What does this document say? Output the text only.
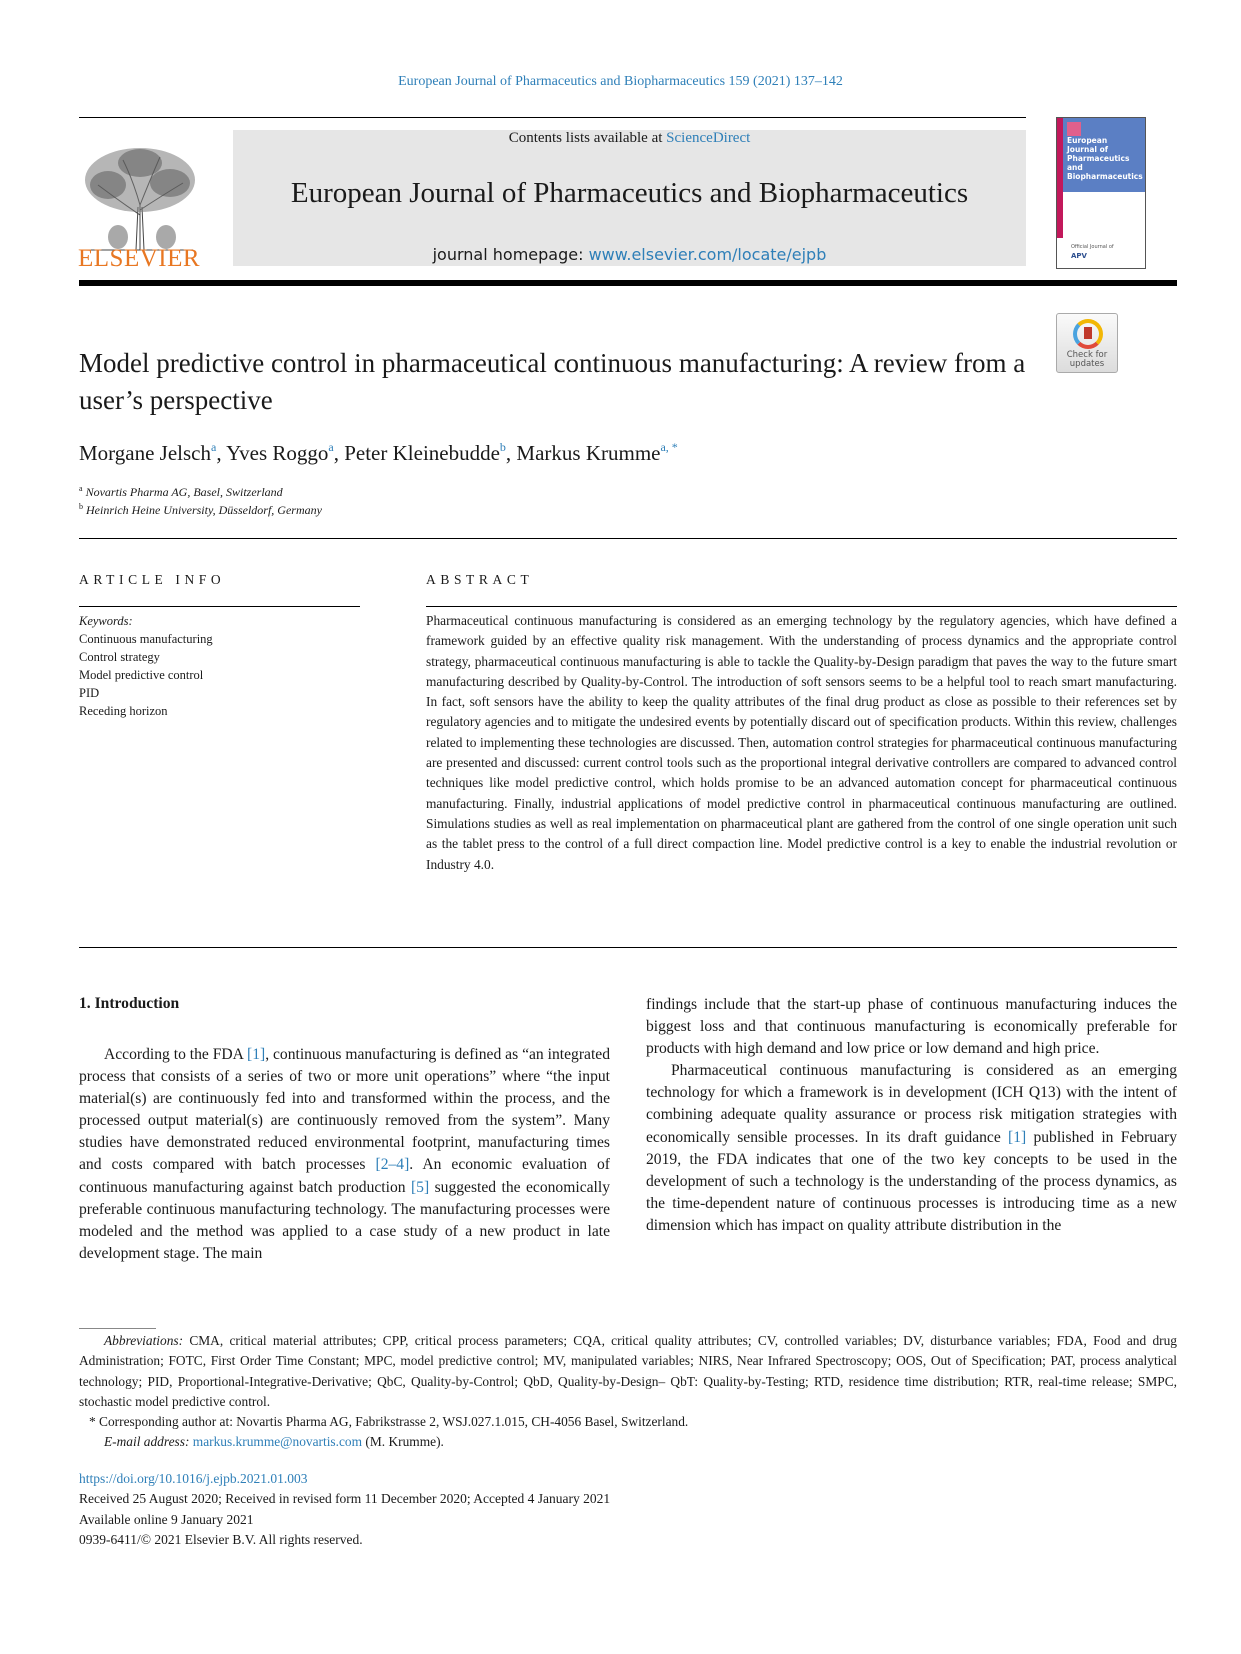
European Journal of Pharmaceutics and Biopharmaceutics 159 (2021) 137–142
ELSEVIER
Contents lists available at ScienceDirect
European Journal of Pharmaceutics and Biopharmaceutics
journal homepage: www.elsevier.com/locate/ejpb
European
Journal of
Pharmaceutics and
Biopharmaceutics
Official Journal of
APV
Check for
updates
Model predictive control in pharmaceutical continuous manufacturing: A review from a user’s perspective
Morgane Jelsch$^a$, Yves Roggo$^a$, Peter Kleinebudde$^b$, Markus Krumme$^{a, *}$
$^a$ Novartis Pharma AG, Basel, Switzerland
$^b$ Heinrich Heine University, Düsseldorf, Germany
ARTICLE INFO	ABSTRACT
Keywords:
Continuous manufacturing
Control strategy
Model predictive control
PID
Receding horizon
Pharmaceutical continuous manufacturing is considered as an emerging technology by the regulatory agencies, which have defined a framework guided by an effective quality risk management. With the understanding of process dynamics and the appropriate control strategy, pharmaceutical continuous manufacturing is able to tackle the Quality-by-Design paradigm that paves the way to the future smart manufacturing described by Quality-by-Control. The introduction of soft sensors seems to be a helpful tool to reach smart manufacturing. In fact, soft sensors have the ability to keep the quality attributes of the final drug product as close as possible to their references set by regulatory agencies and to mitigate the undesired events by potentially discard out of specification products. Within this review, challenges related to implementing these technologies are discussed. Then, automation control strategies for pharmaceutical continuous manufacturing are presented and discussed: current control tools such as the proportional integral derivative controllers are compared to advanced control techniques like model predictive control, which holds promise to be an advanced automation concept for pharmaceutical continuous manufacturing. Finally, industrial applications of model predictive control in pharmaceutical continuous manufacturing are outlined. Simulations studies as well as real implementation on pharmaceutical plant are gathered from the control of one single operation unit such as the tablet press to the control of a full direct compaction line. Model predictive control is a key to enable the industrial revolution or Industry 4.0.
1. Introduction

According to the FDA [1], continuous manufacturing is defined as “an integrated process that consists of a series of two or more unit operations” where “the input material(s) are continuously fed into and transformed within the process, and the processed output material(s) are continuously removed from the system”. Many studies have demonstrated reduced environmental footprint, manufacturing times and costs compared with batch processes [2–4]. An economic evaluation of continuous manufacturing against batch production [5] suggested the economically preferable continuous manufacturing technology. The manufacturing processes were modeled and the method was applied to a case study of a new product in late development stage. The main

findings include that the start-up phase of continuous manufacturing induces the biggest loss and that continuous manufacturing is economically preferable for products with high demand and low price or low demand and high price.

Pharmaceutical continuous manufacturing is considered as an emerging technology for which a framework is in development (ICH Q13) with the intent of combining adequate quality assurance or process risk mitigation strategies with economically sensible processes. In its draft guidance [1] published in February 2019, the FDA indicates that one of the two key concepts to be used in the development of such a technology is the understanding of the process dynamics, as the time-dependent nature of continuous processes is introducing time as a new dimension which has impact on quality attribute distribution in the

Abbreviations: CMA, critical material attributes; CPP, critical process parameters; CQA, critical quality attributes; CV, controlled variables; DV, disturbance variables; FDA, Food and drug Administration; FOTC, First Order Time Constant; MPC, model predictive control; MV, manipulated variables; NIRS, Near Infrared Spectroscopy; OOS, Out of Specification; PAT, process analytical technology; PID, Proportional-Integrative-Derivative; QbC, Quality-by-Control; QbD, Quality-by-Design– QbT: Quality-by-Testing; RTD, residence time distribution; RTR, real-time release; SMPC, stochastic model predictive control.

* Corresponding author at: Novartis Pharma AG, Fabrikstrasse 2, WSJ.027.1.015, CH-4056 Basel, Switzerland.

E-mail address: markus.krumme@novartis.com (M. Krumme).

https://doi.org/10.1016/j.ejpb.2021.01.003
Received 25 August 2020; Received in revised form 11 December 2020; Accepted 4 January 2021
Available online 9 January 2021
0939-6411/© 2021 Elsevier B.V. All rights reserved.
